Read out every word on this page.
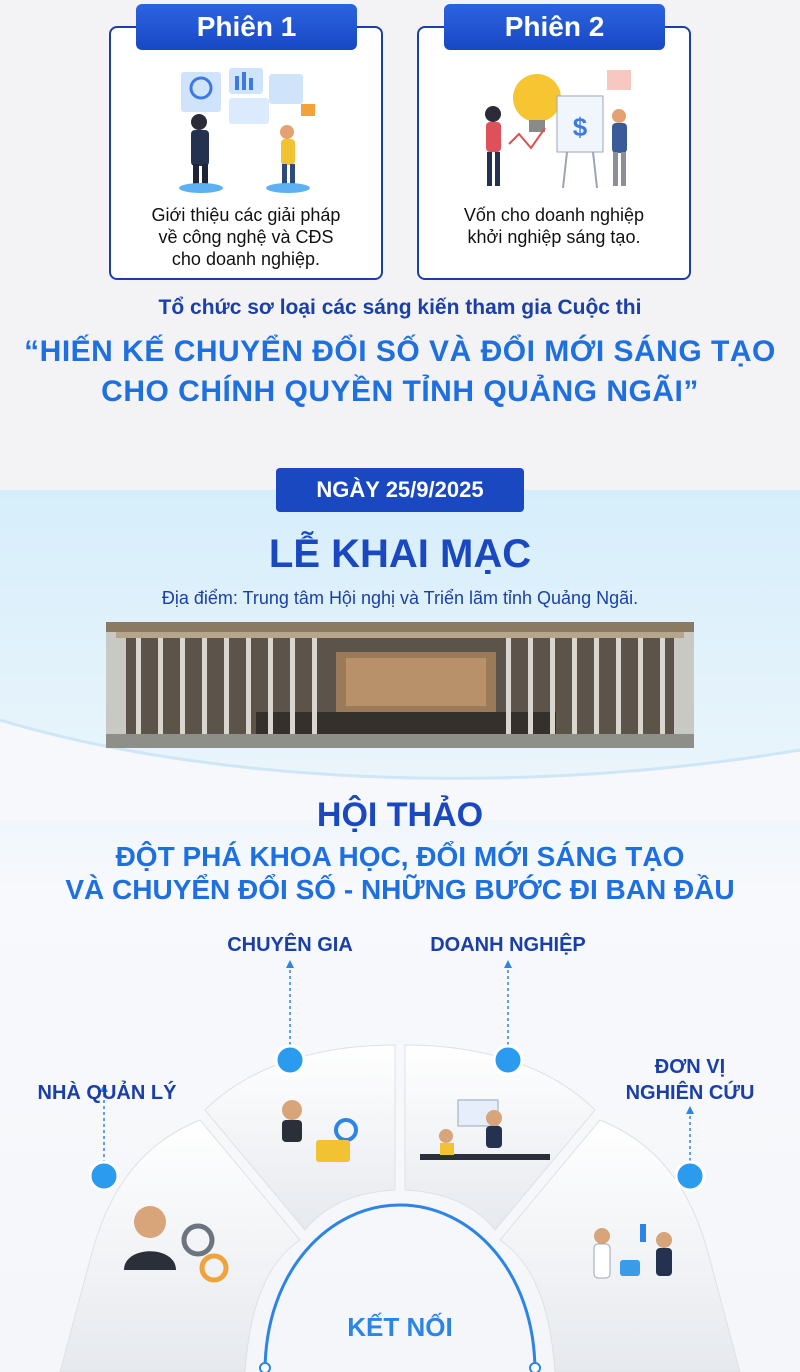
Giới thiệu các giải pháp
về công nghệ và CĐS
cho doanh nghiệp.
$
Vốn cho doanh nghiệp
khởi nghiệp sáng tạo.
Phiên 1	Phiên 2
Tổ chức sơ loại các sáng kiến tham gia Cuộc thi
“HIẾN KẾ CHUYỂN ĐỔI SỐ VÀ ĐỔI MỚI SÁNG TẠO
CHO CHÍNH QUYỀN TỈNH QUẢNG NGÃI”
NGÀY 25/9/2025
LỄ KHAI MẠC
Địa điểm: Trung tâm Hội nghị và Triển lãm tỉnh Quảng Ngãi.
HỘI THẢO
ĐỘT PHÁ KHOA HỌC, ĐỔI MỚI SÁNG TẠO
VÀ CHUYỂN ĐỔI SỐ - NHỮNG BƯỚC ĐI BAN ĐẦU
CHUYÊN GIA	DOANH NGHIỆP
NHÀ QUẢN LÝ
ĐƠN VỊ
NGHIÊN CỨU
KẾT NỐI
